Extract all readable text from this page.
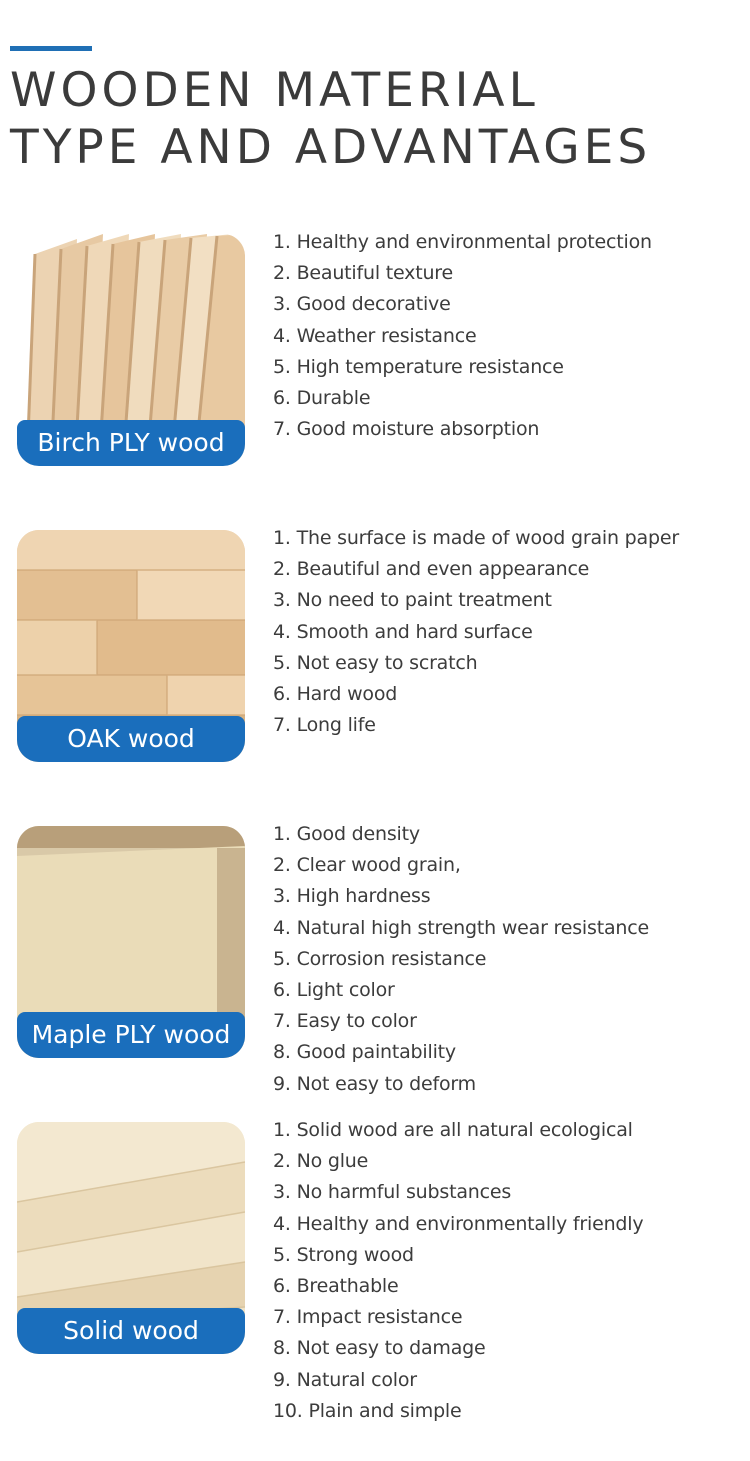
WOODEN MATERIAL
TYPE AND ADVANTAGES
Birch PLY wood
1. Healthy and environmental protection
2. Beautiful texture
3. Good decorative
4. Weather resistance
5. High temperature resistance
6. Durable
7. Good moisture absorption
OAK wood
1. The surface is made of wood grain paper
2. Beautiful and even appearance
3. No need to paint treatment
4. Smooth and hard surface
5. Not easy to scratch
6. Hard wood
7. Long life
Maple PLY wood
1. Good density
2. Clear wood grain,
3. High hardness
4. Natural high strength wear resistance
5. Corrosion resistance
6. Light color
7. Easy to color
8. Good paintability
9. Not easy to deform
Solid wood
1. Solid wood are all natural ecological
2. No glue
3. No harmful substances
4. Healthy and environmentally friendly
5. Strong wood
6. Breathable
7. Impact resistance
8. Not easy to damage
9. Natural color
10. Plain and simple
